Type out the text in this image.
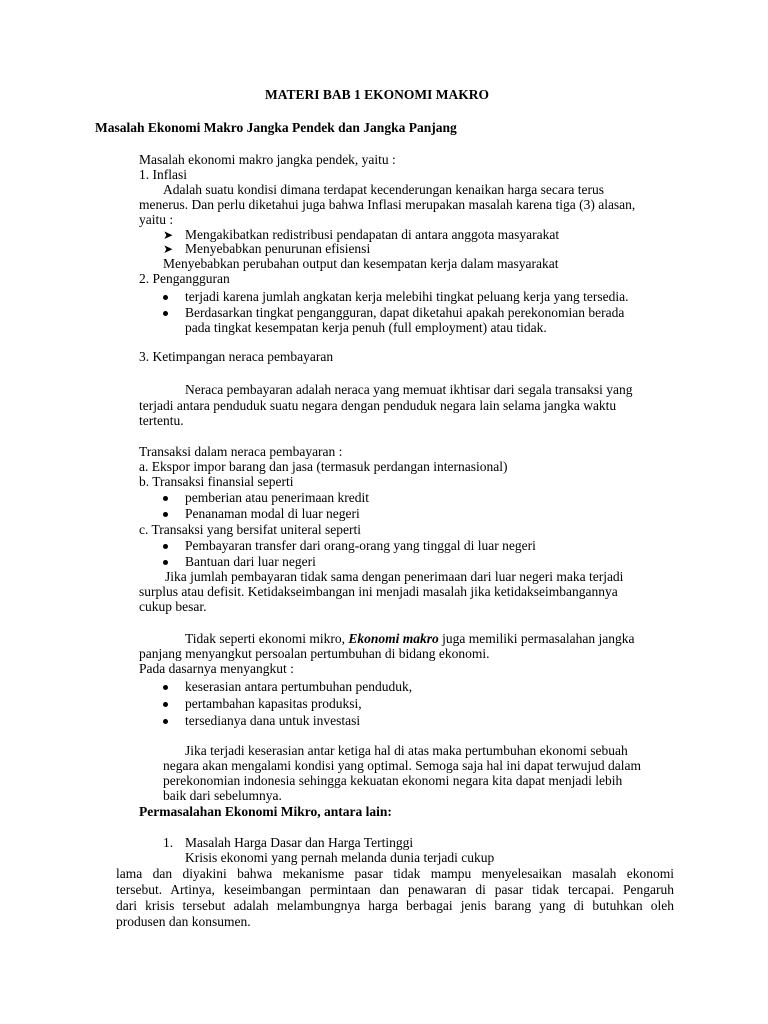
MATERI BAB 1 EKONOMI MAKRO
Masalah Ekonomi Makro Jangka Pendek dan Jangka Panjang
Masalah ekonomi makro jangka pendek, yaitu :
1. Inflasi
Adalah suatu kondisi dimana terdapat kecenderungan kenaikan harga secara terus
menerus. Dan perlu diketahui juga bahwa Inflasi merupakan masalah karena tiga (3) alasan,
yaitu :
➤ Mengakibatkan redistribusi pendapatan di antara anggota masyarakat
➤ Menyebabkan penurunan efisiensi
Menyebabkan perubahan output dan kesempatan kerja dalam masyarakat
2. Pengangguran
terjadi karena jumlah angkatan kerja melebihi tingkat peluang kerja yang tersedia.
Berdasarkan tingkat pengangguran, dapat diketahui apakah perekonomian berada
pada tingkat kesempatan kerja penuh (full employment) atau tidak.
3. Ketimpangan neraca pembayaran
Neraca pembayaran adalah neraca yang memuat ikhtisar dari segala transaksi yang
terjadi antara penduduk suatu negara dengan penduduk negara lain selama jangka waktu
tertentu.
Transaksi dalam neraca pembayaran :
a. Ekspor impor barang dan jasa (termasuk perdangan internasional)
b. Transaksi finansial seperti
pemberian atau penerimaan kredit
Penanaman modal di luar negeri
c. Transaksi yang bersifat uniteral seperti
Pembayaran transfer dari orang-orang yang tinggal di luar negeri
Bantuan dari luar negeri
Jika jumlah pembayaran tidak sama dengan penerimaan dari luar negeri maka terjadi
surplus atau defisit. Ketidakseimbangan ini menjadi masalah jika ketidakseimbangannya
cukup besar.
Tidak seperti ekonomi mikro, Ekonomi makro juga memiliki permasalahan jangka
panjang menyangkut persoalan pertumbuhan di bidang ekonomi.
Pada dasarnya menyangkut :
keserasian antara pertumbuhan penduduk,
pertambahan kapasitas produksi,
tersedianya dana untuk investasi
Jika terjadi keserasian antar ketiga hal di atas maka pertumbuhan ekonomi sebuah
negara akan mengalami kondisi yang optimal. Semoga saja hal ini dapat terwujud dalam
perekonomian indonesia sehingga kekuatan ekonomi negara kita dapat menjadi lebih
baik dari sebelumnya.
Permasalahan Ekonomi Mikro, antara lain:
1. Masalah Harga Dasar dan Harga Tertinggi
Krisis ekonomi yang pernah melanda dunia terjadi cukup
lama dan diyakini bahwa mekanisme pasar tidak mampu menyelesaikan masalah ekonomi
tersebut. Artinya, keseimbangan permintaan dan penawaran di pasar tidak tercapai. Pengaruh
dari krisis tersebut adalah melambungnya harga berbagai jenis barang yang di butuhkan oleh
produsen dan konsumen.
